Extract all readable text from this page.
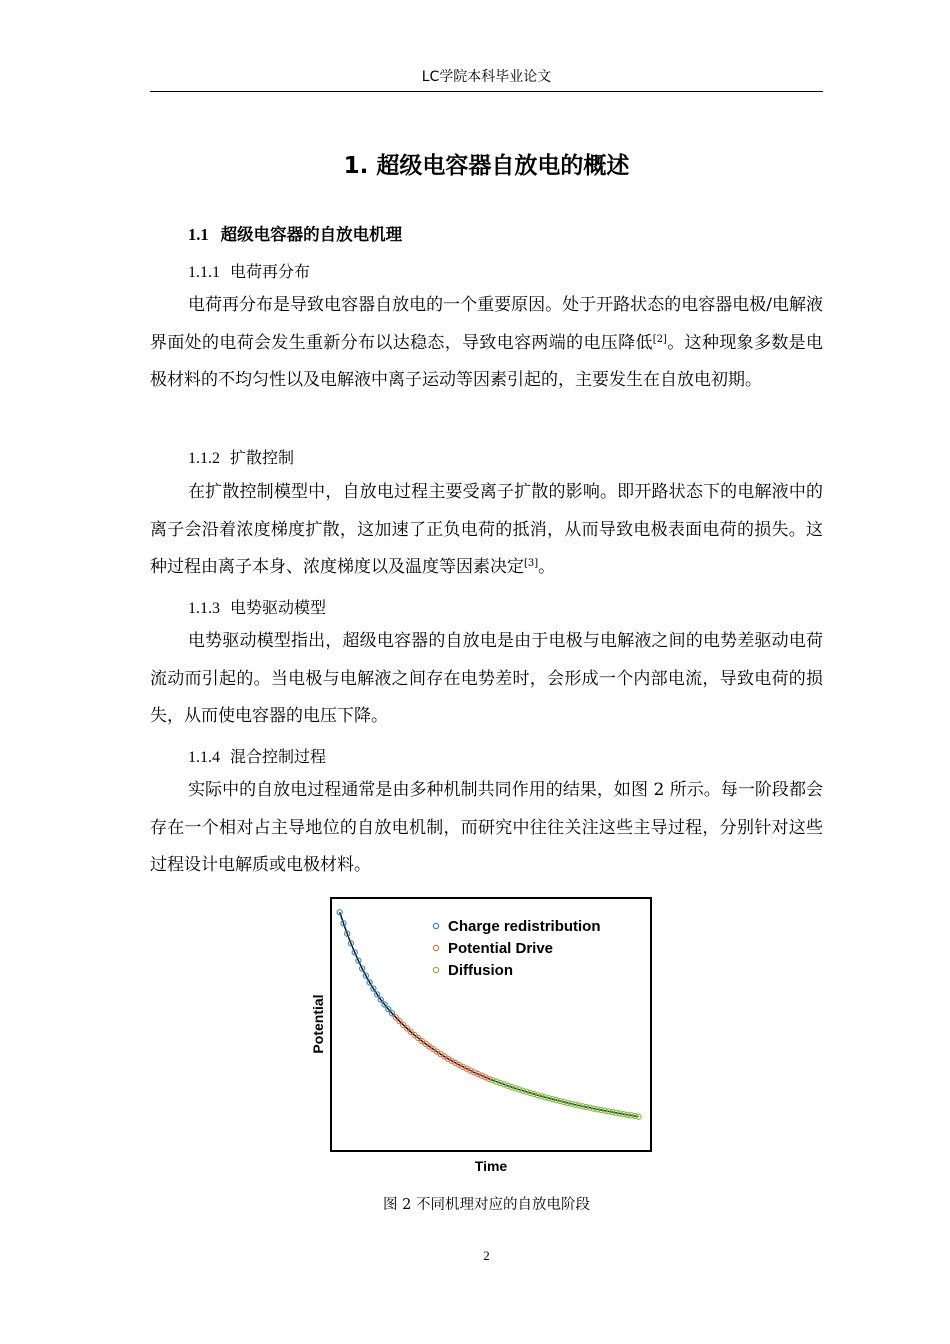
LC学院本科毕业论文
1. 超级电容器自放电的概述
1.1 超级电容器的自放电机理
1.1.1 电荷再分布

电荷再分布是导致电容器自放电的一个重要原因。处于开路状态的电容器电极/电解液界面处的电荷会发生重新分布以达稳态，导致电容两端的电压降低[2]。这种现象多数是电极材料的不均匀性以及电解液中离子运动等因素引起的，主要发生在自放电初期。

1.1.2 扩散控制

在扩散控制模型中，自放电过程主要受离子扩散的影响。即开路状态下的电解液中的离子会沿着浓度梯度扩散，这加速了正负电荷的抵消，从而导致电极表面电荷的损失。这种过程由离子本身、浓度梯度以及温度等因素决定[3]。

1.1.3 电势驱动模型

电势驱动模型指出，超级电容器的自放电是由于电极与电解液之间的电势差驱动电荷流动而引起的。当电极与电解液之间存在电势差时，会形成一个内部电流，导致电荷的损失，从而使电容器的电压下降。

1.1.4 混合控制过程

实际中的自放电过程通常是由多种机制共同作用的结果，如图 2 所示。每一阶段都会存在一个相对占主导地位的自放电机制，而研究中往往关注这些主导过程，分别针对这些过程设计电解质或电极材料。

Charge redistribution
Potential Drive
Diffusion
Time
Potential
图 2 不同机理对应的自放电阶段
2
